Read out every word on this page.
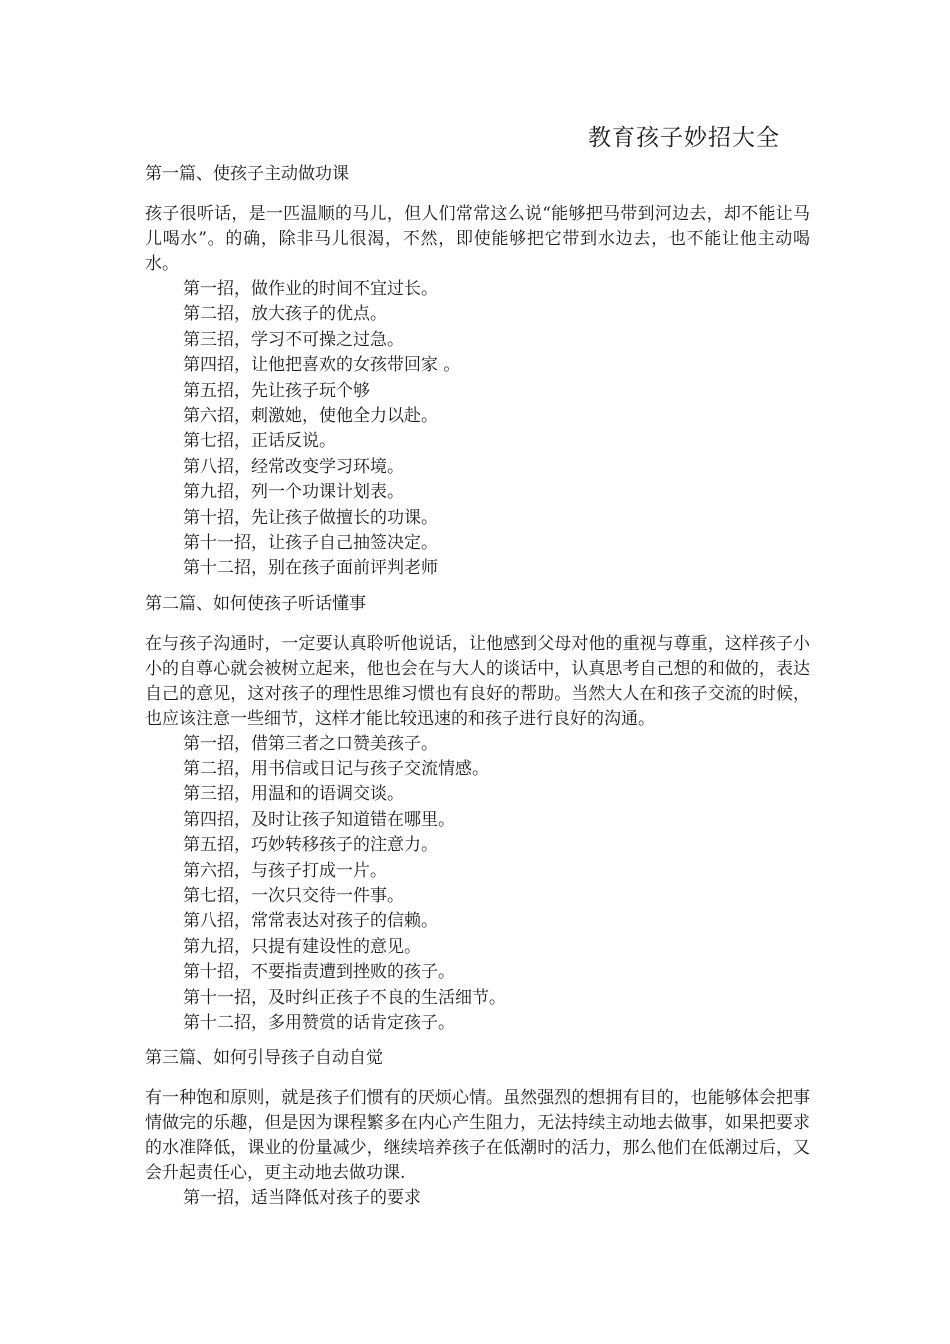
教育孩子妙招大全

第一篇、使孩子主动做功课

孩子很听话，是一匹温顺的马儿，但人们常常这么说“能够把马带到河边去，却不能让马儿喝水”。的确，除非马儿很渴，不然，即使能够把它带到水边去，也不能让他主动喝水。

第一招，做作业的时间不宜过长。
第二招，放大孩子的优点。
第三招，学习不可操之过急。
第四招，让他把喜欢的女孩带回家 。
第五招，先让孩子玩个够
第六招，刺激她，使他全力以赴。
第七招，正话反说。
第八招，经常改变学习环境。
第九招，列一个功课计划表。
第十招，先让孩子做擅长的功课。
第十一招，让孩子自己抽签决定。
第十二招，别在孩子面前评判老师

第二篇、如何使孩子听话懂事

在与孩子沟通时，一定要认真聆听他说话，让他感到父母对他的重视与尊重，这样孩子小小的自尊心就会被树立起来，他也会在与大人的谈话中，认真思考自己想的和做的，表达自己的意见，这对孩子的理性思维习惯也有良好的帮助。当然大人在和孩子交流的时候，也应该注意一些细节，这样才能比较迅速的和孩子进行良好的沟通。

第一招，借第三者之口赞美孩子。
第二招，用书信或日记与孩子交流情感。
第三招，用温和的语调交谈。
第四招，及时让孩子知道错在哪里。
第五招，巧妙转移孩子的注意力。
第六招，与孩子打成一片。
第七招，一次只交待一件事。
第八招，常常表达对孩子的信赖。
第九招，只提有建设性的意见。
第十招，不要指责遭到挫败的孩子。
第十一招，及时纠正孩子不良的生活细节。
第十二招，多用赞赏的话肯定孩子。

第三篇、如何引导孩子自动自觉

有一种饱和原则，就是孩子们惯有的厌烦心情。虽然强烈的想拥有目的，也能够体会把事情做完的乐趣，但是因为课程繁多在内心产生阻力，无法持续主动地去做事，如果把要求的水准降低，课业的份量减少，继续培养孩子在低潮时的活力，那么他们在低潮过后，又会升起责任心，更主动地去做功课.

第一招，适当降低对孩子的要求
